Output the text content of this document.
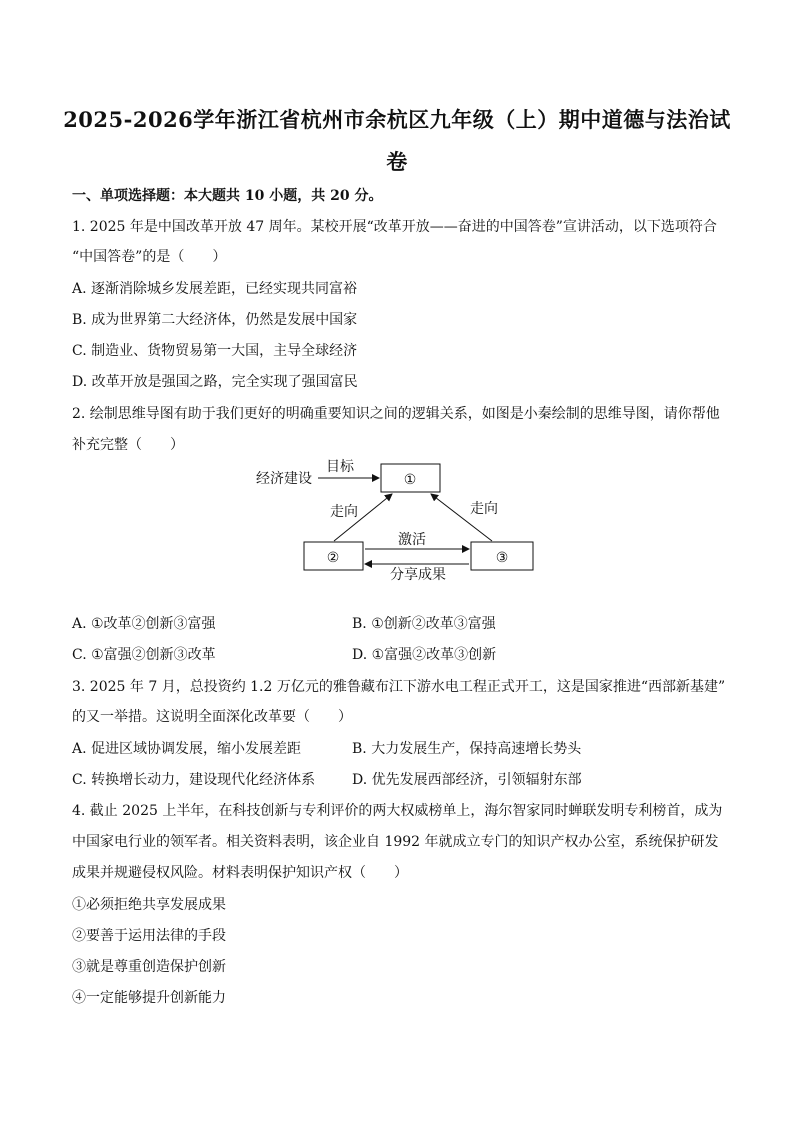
2025-2026学年浙江省杭州市余杭区九年级（上）期中道德与法治试
卷
一、单项选择题：本大题共 10 小题，共 20 分。
1. 2025 年是中国改革开放 47 周年。某校开展“改革开放——奋进的中国答卷”宣讲活动，以下选项符合
“中国答卷”的是（　　）
A. 逐渐消除城乡发展差距，已经实现共同富裕
B. 成为世界第二大经济体，仍然是发展中国家
C. 制造业、货物贸易第一大国，主导全球经济
D. 改革开放是强国之路，完全实现了强国富民
2. 绘制思维导图有助于我们更好的明确重要知识之间的逻辑关系，如图是小秦绘制的思维导图，请你帮他
补充完整（　　）
经济建设
目标
①
②	③
走向	走向
激活
分享成果
A. ①改革②创新③富强	B. ①创新②改革③富强
C. ①富强②创新③改革	D. ①富强②改革③创新
3. 2025 年 7 月，总投资约 1.2 万亿元的雅鲁藏布江下游水电工程正式开工，这是国家推进“西部新基建”
的又一举措。这说明全面深化改革要（　　）
A. 促进区域协调发展，缩小发展差距	B. 大力发展生产，保持高速增长势头
C. 转换增长动力，建设现代化经济体系	D. 优先发展西部经济，引领辐射东部
4. 截止 2025 上半年，在科技创新与专利评价的两大权威榜单上，海尔智家同时蝉联发明专利榜首，成为
中国家电行业的领军者。相关资料表明，该企业自 1992 年就成立专门的知识产权办公室，系统保护研发
成果并规避侵权风险。材料表明保护知识产权（　　）
①必须拒绝共享发展成果
②要善于运用法律的手段
③就是尊重创造保护创新
④一定能够提升创新能力
